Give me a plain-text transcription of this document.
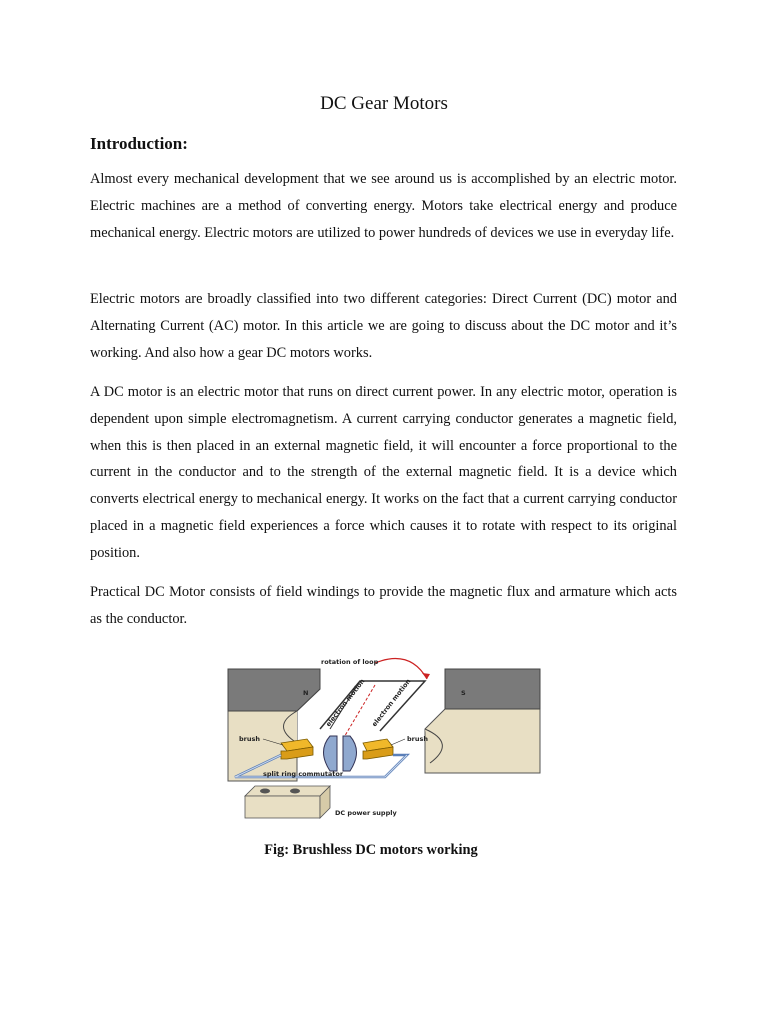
DC Gear Motors
Introduction:

Almost every mechanical development that we see around us is accomplished by an electric motor. Electric machines are a method of converting energy. Motors take electrical energy and produce mechanical energy. Electric motors are utilized to power hundreds of devices we use in everyday life.

Electric motors are broadly classified into two different categories: Direct Current (DC) motor and Alternating Current (AC) motor. In this article we are going to discuss about the DC motor and it’s working. And also how a gear DC motors works.

A DC motor is an electric motor that runs on direct current power. In any electric motor, operation is dependent upon simple electromagnetism. A current carrying conductor generates a magnetic field, when this is then placed in an external magnetic field, it will encounter a force proportional to the current in the conductor and to the strength of the external magnetic field. It is a device which converts electrical energy to mechanical energy. It works on the fact that a current carrying conductor placed in a magnetic field experiences a force which causes it to rotate with respect to its original position.

Practical DC Motor consists of field windings to provide the magnetic flux and armature which acts as the conductor.

N	S
rotation of loop
electron motion electron motion
brush	brush
split ring commutator
DC power supply

Fig: Brushless DC motors working
